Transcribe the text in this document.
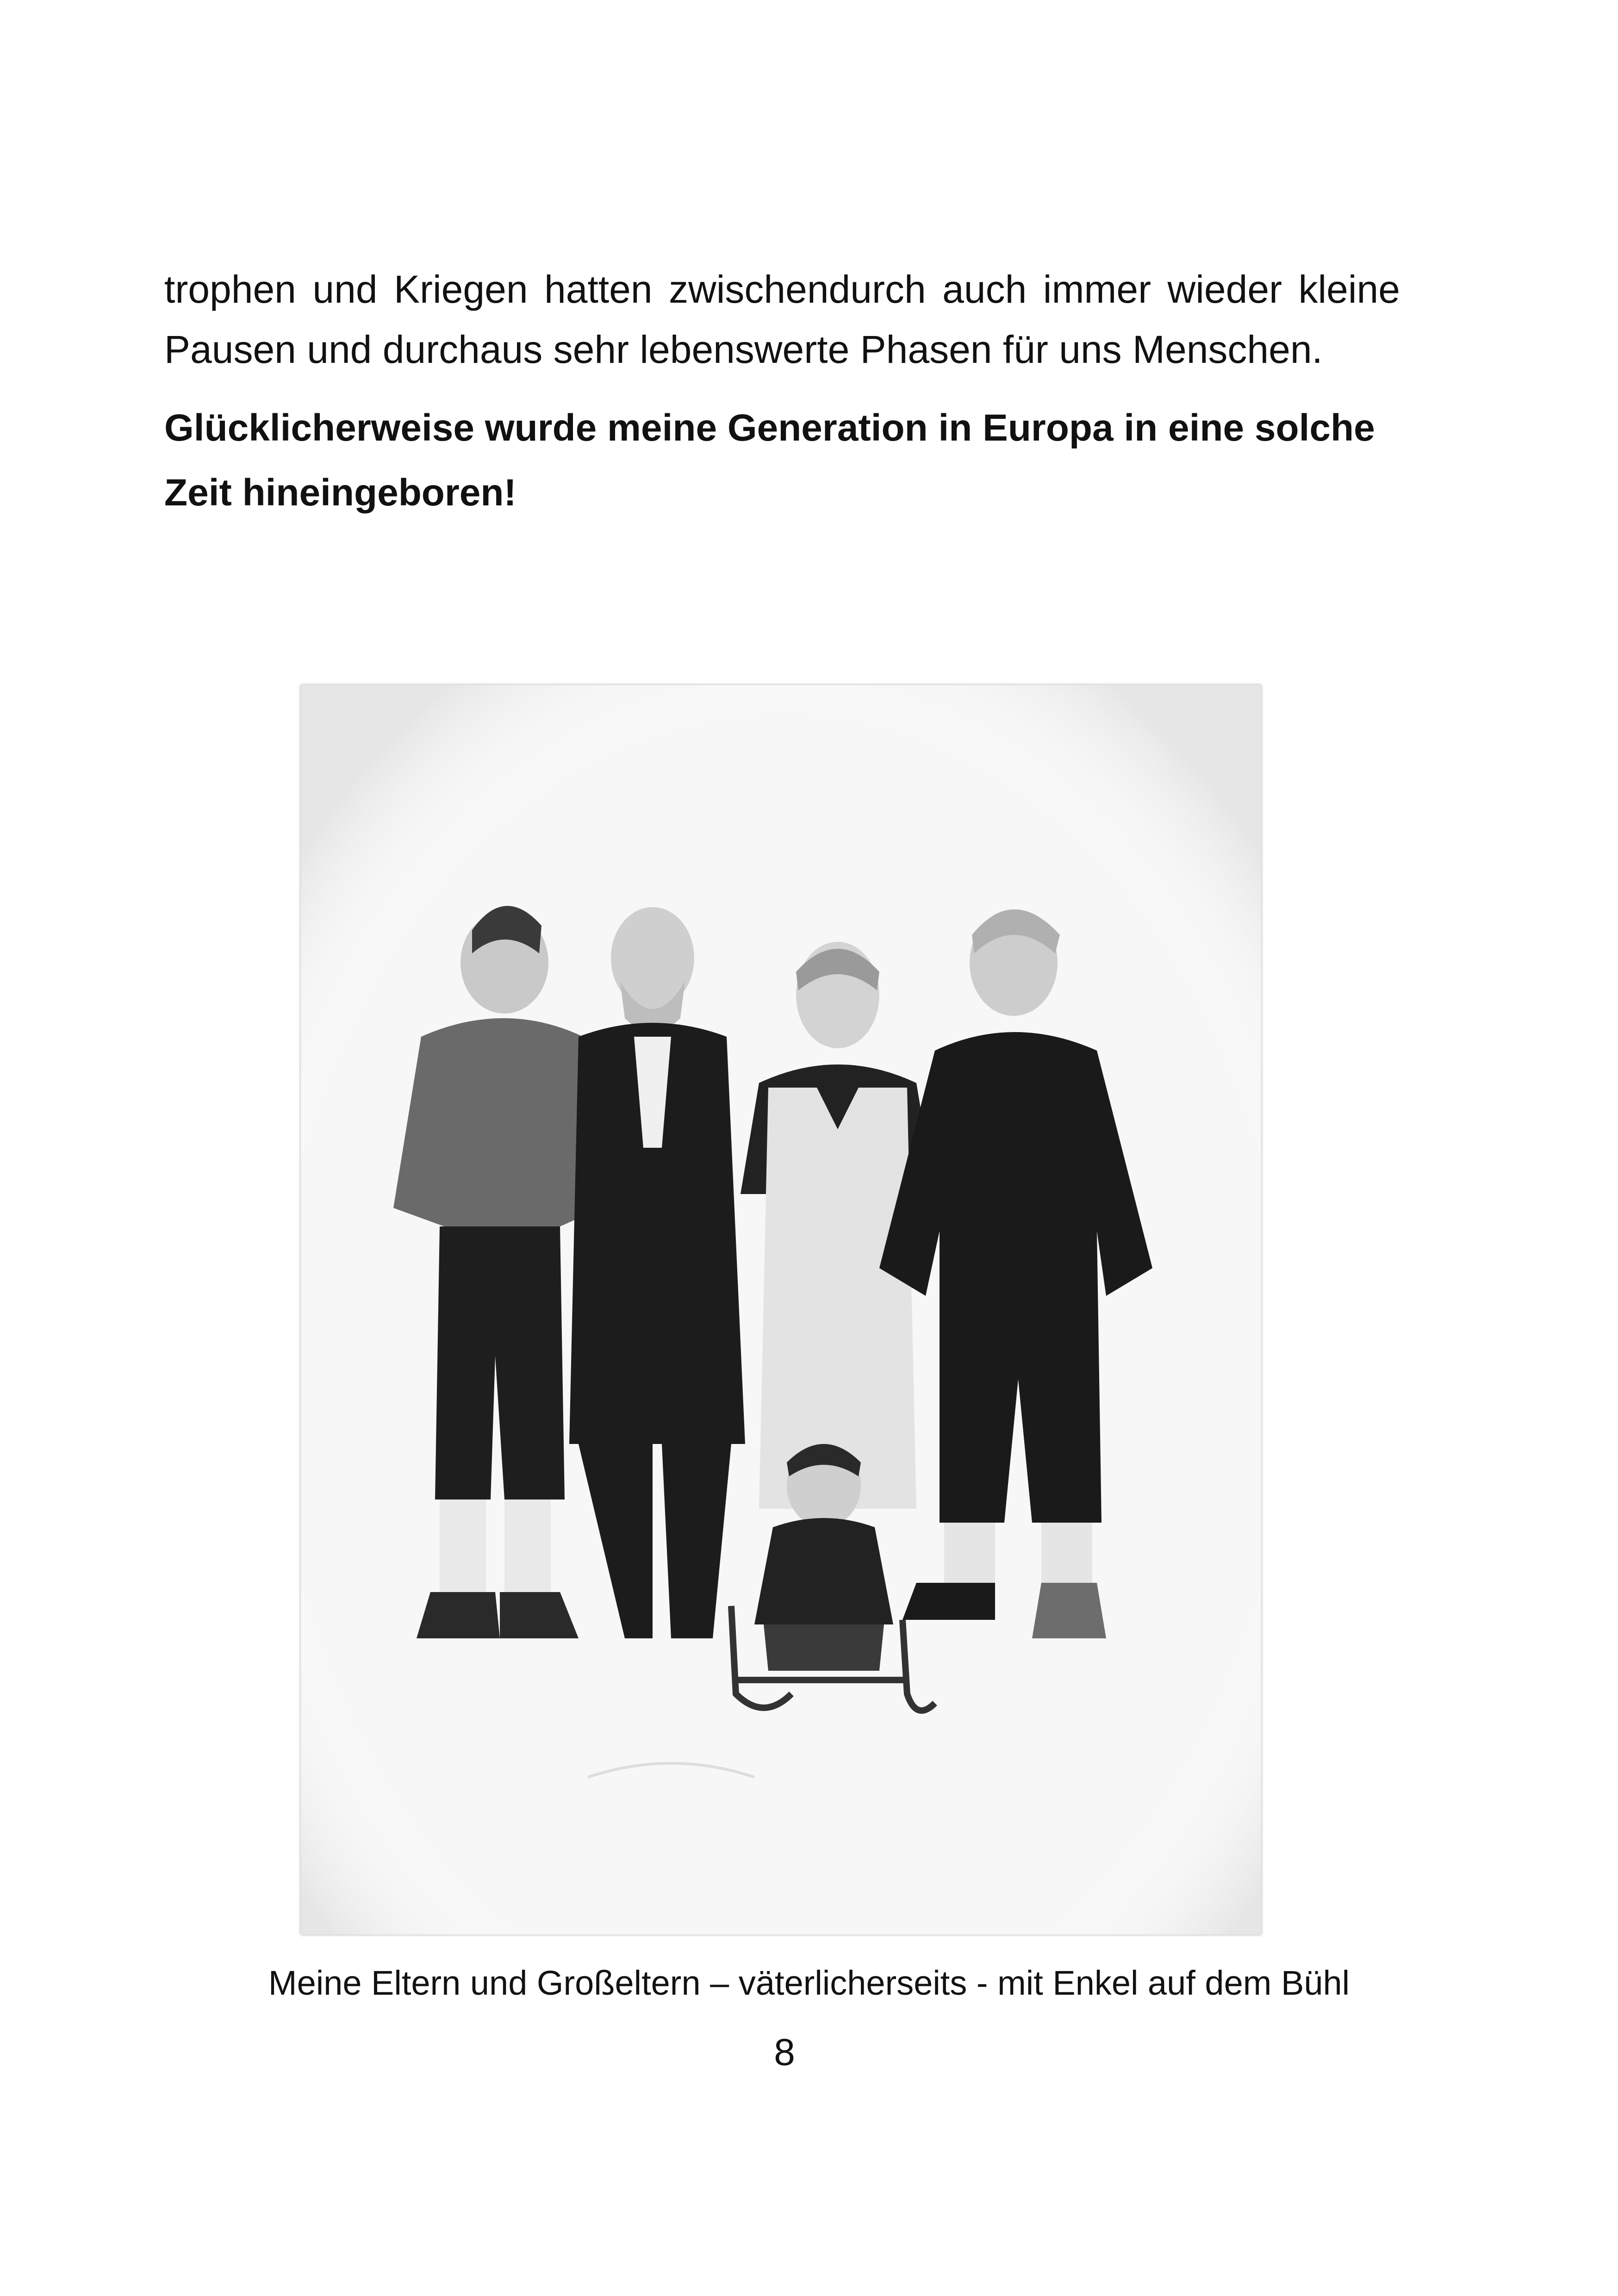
trophen und Kriegen hatten zwischendurch auch immer wieder kleine Pausen und durchaus sehr lebenswerte Phasen für uns Menschen.

Glücklicherweise wurde meine Generation in Europa in eine solche Zeit hineingeboren!

Meine Eltern und Großeltern – väterlicherseits - mit Enkel auf dem Bühl

8
